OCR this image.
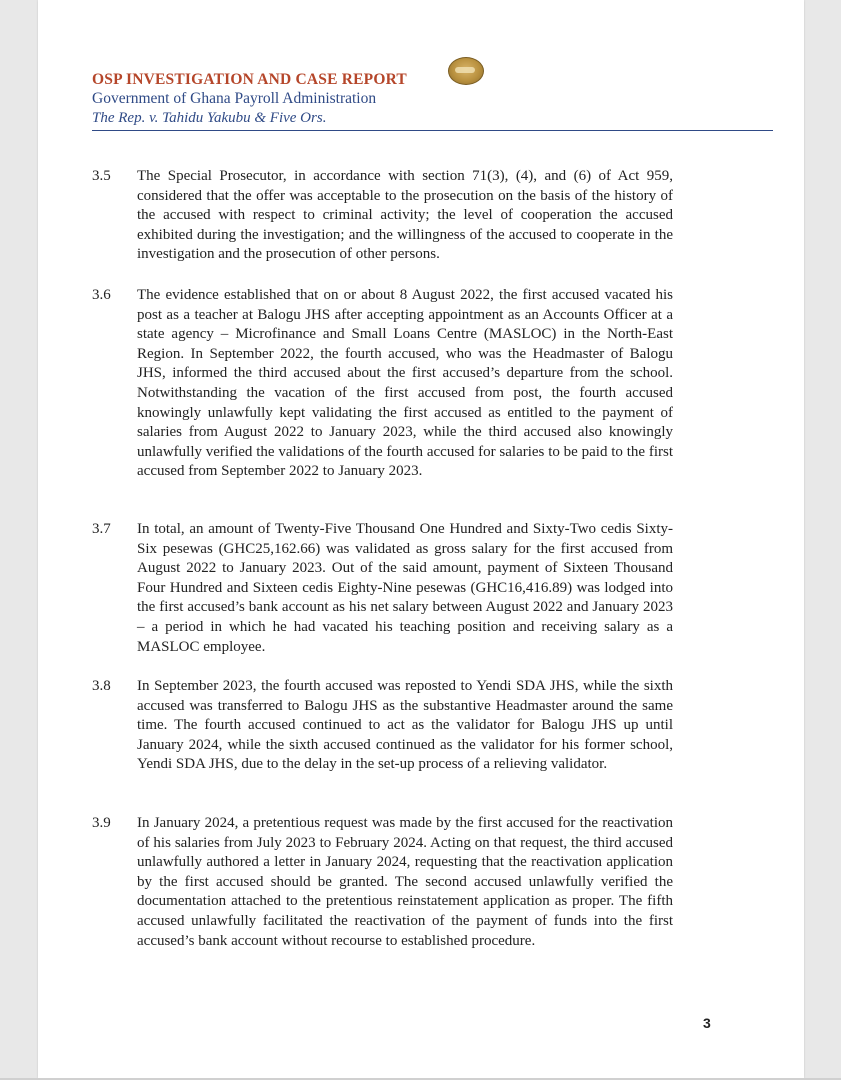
OSP INVESTIGATION AND CASE REPORT
Government of Ghana Payroll Administration
The Rep. v. Tahidu Yakubu & Five Ors.
3.5	The Special Prosecutor, in accordance with section 71(3), (4), and (6) of Act 959, considered that the offer was acceptable to the prosecution on the basis of the history of the accused with respect to criminal activity; the level of cooperation the accused exhibited during the investigation; and the willingness of the accused to cooperate in the investigation and the prosecution of other persons.
3.6	The evidence established that on or about 8 August 2022, the first accused vacated his post as a teacher at Balogu JHS after accepting appointment as an Accounts Officer at a state agency – Microfinance and Small Loans Centre (MASLOC) in the North-East Region. In September 2022, the fourth accused, who was the Headmaster of Balogu JHS, informed the third accused about the first accused’s departure from the school. Notwithstanding the vacation of the first accused from post, the fourth accused knowingly unlawfully kept validating the first accused as entitled to the payment of salaries from August 2022 to January 2023, while the third accused also knowingly unlawfully verified the validations of the fourth accused for salaries to be paid to the first accused from September 2022 to January 2023.
3.7	In total, an amount of Twenty-Five Thousand One Hundred and Sixty-Two cedis Sixty-Six pesewas (GHC25,162.66) was validated as gross salary for the first accused from August 2022 to January 2023. Out of the said amount, payment of Sixteen Thousand Four Hundred and Sixteen cedis Eighty-Nine pesewas (GHC16,416.89) was lodged into the first accused’s bank account as his net salary between August 2022 and January 2023 – a period in which he had vacated his teaching position and receiving salary as a MASLOC employee.
3.8	In September 2023, the fourth accused was reposted to Yendi SDA JHS, while the sixth accused was transferred to Balogu JHS as the substantive Headmaster around the same time. The fourth accused continued to act as the validator for Balogu JHS up until January 2024, while the sixth accused continued as the validator for his former school, Yendi SDA JHS, due to the delay in the set-up process of a relieving validator.
3.9	In January 2024, a pretentious request was made by the first accused for the reactivation of his salaries from July 2023 to February 2024. Acting on that request, the third accused unlawfully authored a letter in January 2024, requesting that the reactivation application by the first accused should be granted. The second accused unlawfully verified the documentation attached to the pretentious reinstatement application as proper. The fifth accused unlawfully facilitated the reactivation of the payment of funds into the first accused’s bank account without recourse to established procedure.
3
